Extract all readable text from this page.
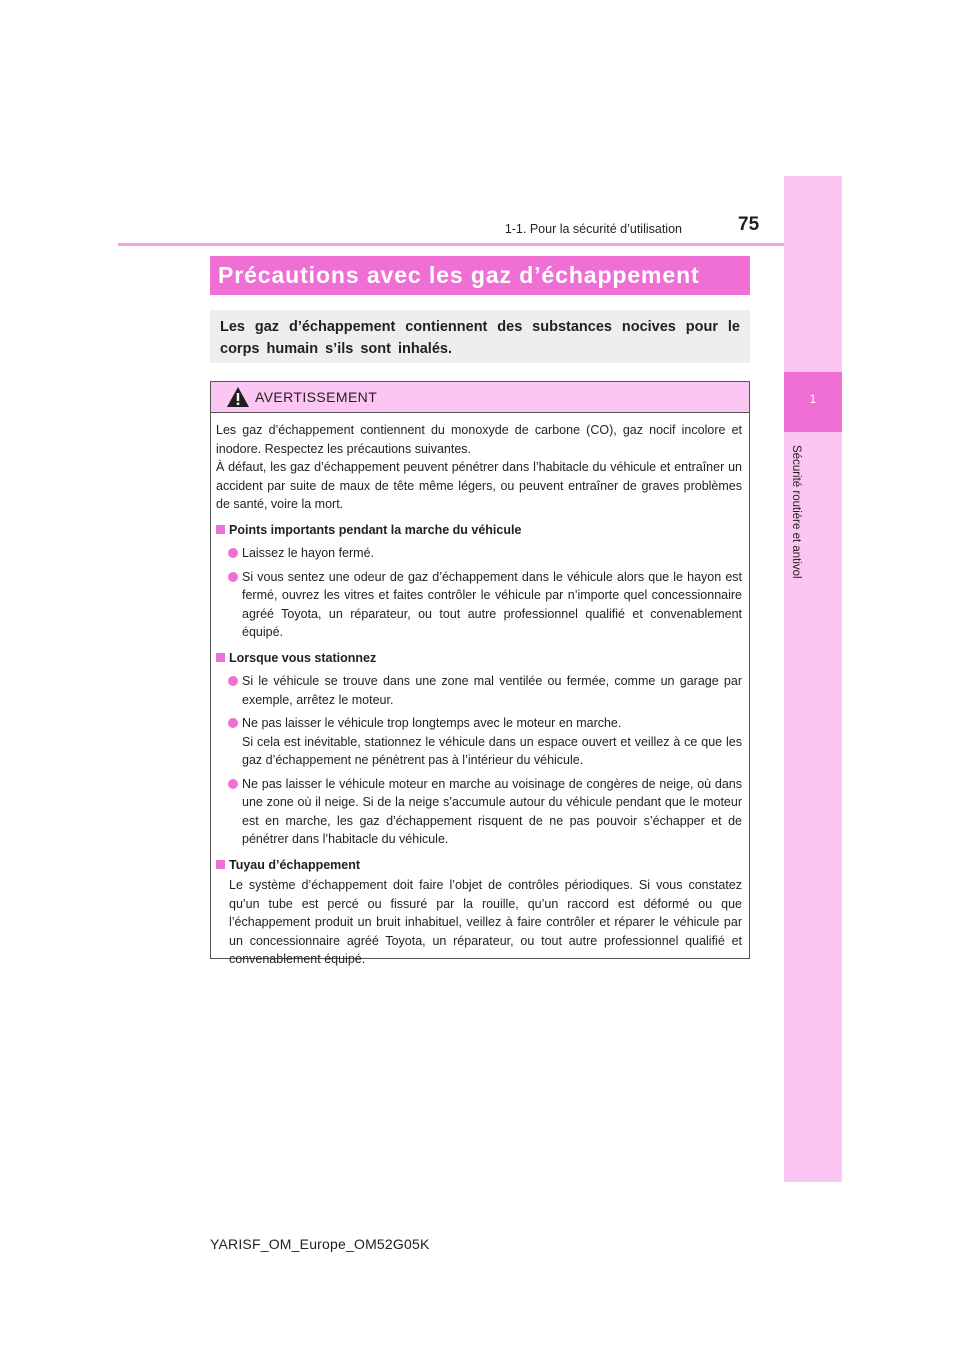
1-1. Pour la sécurité d’utilisation	75
1
Sécurité routière et antivol
Précautions avec les gaz d’échappement
Les gaz d’échappement contiennent des substances nocives pour le corps humain s’ils sont inhalés.
AVERTISSEMENT

Les gaz d’échappement contiennent du monoxyde de carbone (CO), gaz nocif incolore et inodore. Respectez les précautions suivantes.

À défaut, les gaz d’échappement peuvent pénétrer dans l’habitacle du véhicule et entraîner un accident par suite de maux de tête même légers, ou peuvent entraîner de graves problèmes de santé, voire la mort.

Points importants pendant la marche du véhicule

Laissez le hayon fermé.

Si vous sentez une odeur de gaz d’échappement dans le véhicule alors que le hayon est fermé, ouvrez les vitres et faites contrôler le véhicule par n’importe quel concessionnaire agréé Toyota, un réparateur, ou tout autre professionnel qualifié et convenablement équipé.

Lorsque vous stationnez

Si le véhicule se trouve dans une zone mal ventilée ou fermée, comme un garage par exemple, arrêtez le moteur.

Ne pas laisser le véhicule trop longtemps avec le moteur en marche.
Si cela est inévitable, stationnez le véhicule dans un espace ouvert et veillez à ce que les gaz d’échappement ne pénètrent pas à l’intérieur du véhicule.

Ne pas laisser le véhicule moteur en marche au voisinage de congères de neige, où dans une zone où il neige. Si de la neige s’accumule autour du véhicule pendant que le moteur est en marche, les gaz d’échappement risquent de ne pas pouvoir s’échapper et de pénétrer dans l’habitacle du véhicule.

Tuyau d’échappement

Le système d’échappement doit faire l’objet de contrôles périodiques. Si vous constatez qu’un tube est percé ou fissuré par la rouille, qu’un raccord est déformé ou que l’échappement produit un bruit inhabituel, veillez à faire contrôler et réparer le véhicule par un concessionnaire agréé Toyota, un réparateur, ou tout autre professionnel qualifié et convenablement équipé.

YARISF_OM_Europe_OM52G05K
